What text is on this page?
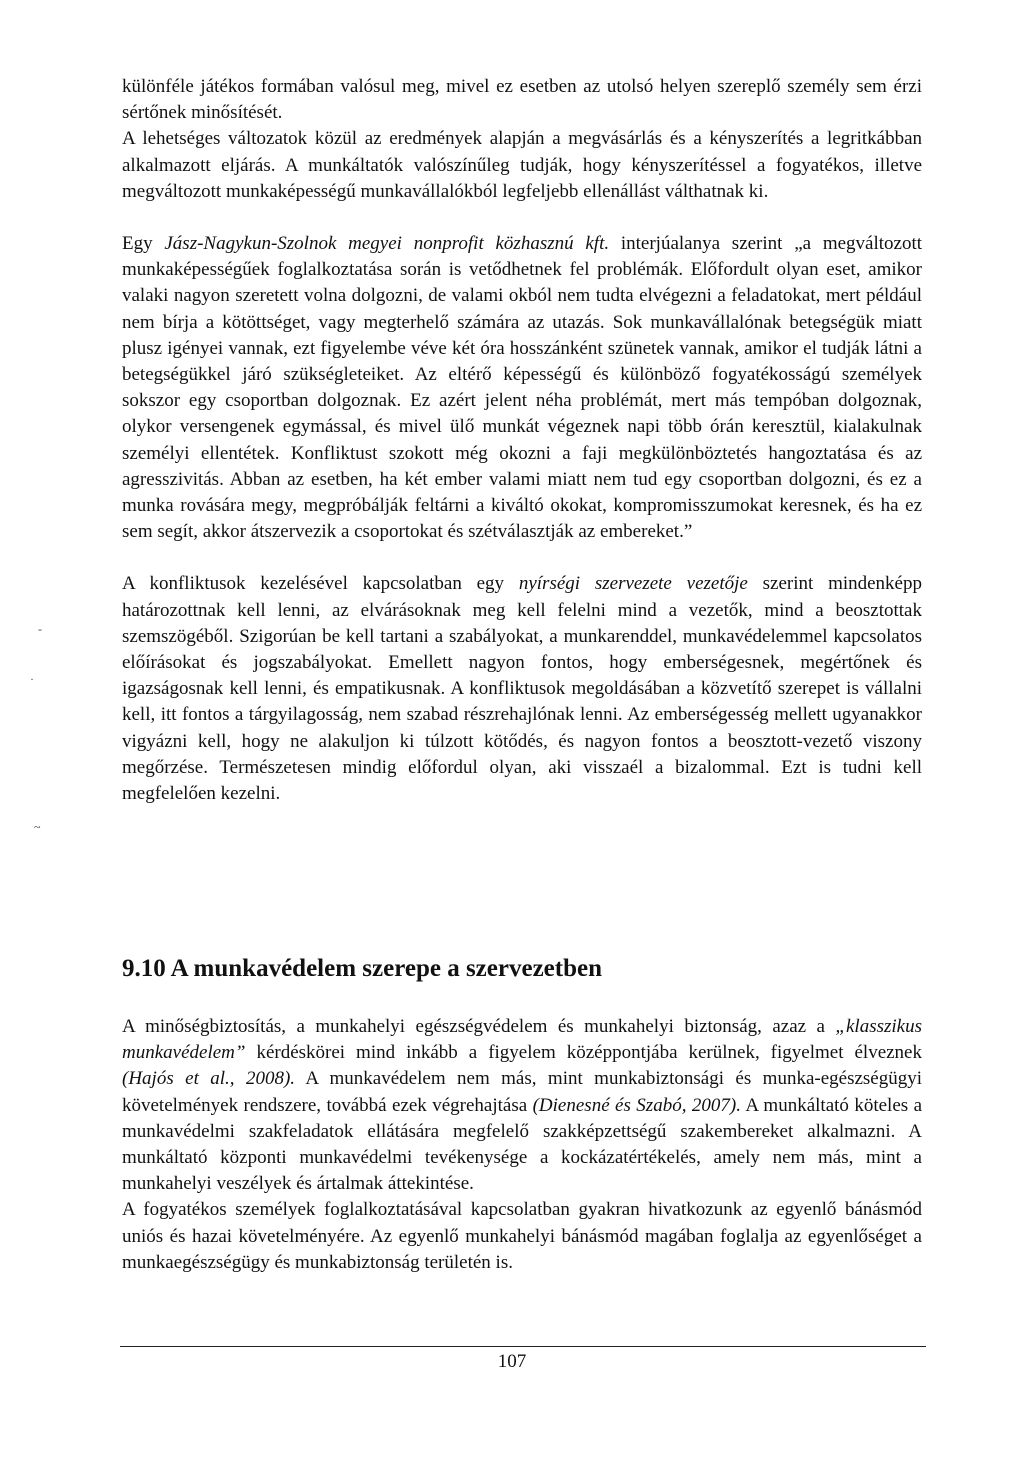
különféle játékos formában valósul meg, mivel ez esetben az utolsó helyen szereplő személy sem érzi sértőnek minősítését.

A lehetséges változatok közül az eredmények alapján a megvásárlás és a kényszerítés a legritkábban alkalmazott eljárás. A munkáltatók valószínűleg tudják, hogy kényszerítéssel a fogyatékos, illetve megváltozott munkaképességű munkavállalókból legfeljebb ellenállást válthatnak ki.

Egy Jász-Nagykun-Szolnok megyei nonprofit közhasznú kft. interjúalanya szerint „a megváltozott munkaképességűek foglalkoztatása során is vetődhetnek fel problémák. Előfordult olyan eset, amikor valaki nagyon szeretett volna dolgozni, de valami okból nem tudta elvégezni a feladatokat, mert például nem bírja a kötöttséget, vagy megterhelő számára az utazás. Sok munkavállalónak betegségük miatt plusz igényei vannak, ezt figyelembe véve két óra hosszánként szünetek vannak, amikor el tudják látni a betegségükkel járó szükségleteiket. Az eltérő képességű és különböző fogyatékosságú személyek sokszor egy csoportban dolgoznak. Ez azért jelent néha problémát, mert más tempóban dolgoznak, olykor versengenek egymással, és mivel ülő munkát végeznek napi több órán keresztül, kialakulnak személyi ellentétek. Konfliktust szokott még okozni a faji megkülönböztetés hangoztatása és az agresszivitás. Abban az esetben, ha két ember valami miatt nem tud egy csoportban dolgozni, és ez a munka rovására megy, megpróbálják feltárni a kiváltó okokat, kompromisszumokat keresnek, és ha ez sem segít, akkor átszervezik a csoportokat és szétválasztják az embereket.”

A konfliktusok kezelésével kapcsolatban egy nyírségi szervezete vezetője szerint mindenképp határozottnak kell lenni, az elvárásoknak meg kell felelni mind a vezetők, mind a beosztottak szemszögéből. Szigorúan be kell tartani a szabályokat, a munkarenddel, munkavédelemmel kapcsolatos előírásokat és jogszabályokat. Emellett nagyon fontos, hogy emberségesnek, megértőnek és igazságosnak kell lenni, és empatikusnak. A konfliktusok megoldásában a közvetítő szerepet is vállalni kell, itt fontos a tárgyilagosság, nem szabad részrehajlónak lenni. Az emberségesség mellett ugyanakkor vigyázni kell, hogy ne alakuljon ki túlzott kötődés, és nagyon fontos a beosztott-vezető viszony megőrzése. Természetesen mindig előfordul olyan, aki visszaél a bizalommal. Ezt is tudni kell megfelelően kezelni.

9.10 A munkavédelem szerepe a szervezetben

A minőségbiztosítás, a munkahelyi egészségvédelem és munkahelyi biztonság, azaz a „klasszikus munkavédelem” kérdéskörei mind inkább a figyelem középpontjába kerülnek, figyelmet élveznek (Hajós et al., 2008). A munkavédelem nem más, mint munkabiztonsági és munka-egészségügyi követelmények rendszere, továbbá ezek végrehajtása (Dienesné és Szabó, 2007). A munkáltató köteles a munkavédelmi szakfeladatok ellátására megfelelő szakképzettségű szakembereket alkalmazni. A munkáltató központi munkavédelmi tevékenysége a kockázatértékelés, amely nem más, mint a munkahelyi veszélyek és ártalmak áttekintése.

A fogyatékos személyek foglalkoztatásával kapcsolatban gyakran hivatkozunk az egyenlő bánásmód uniós és hazai követelményére. Az egyenlő munkahelyi bánásmód magában foglalja az egyenlőséget a munkaegészségügy és munkabiztonság területén is.

107
-
·
~
